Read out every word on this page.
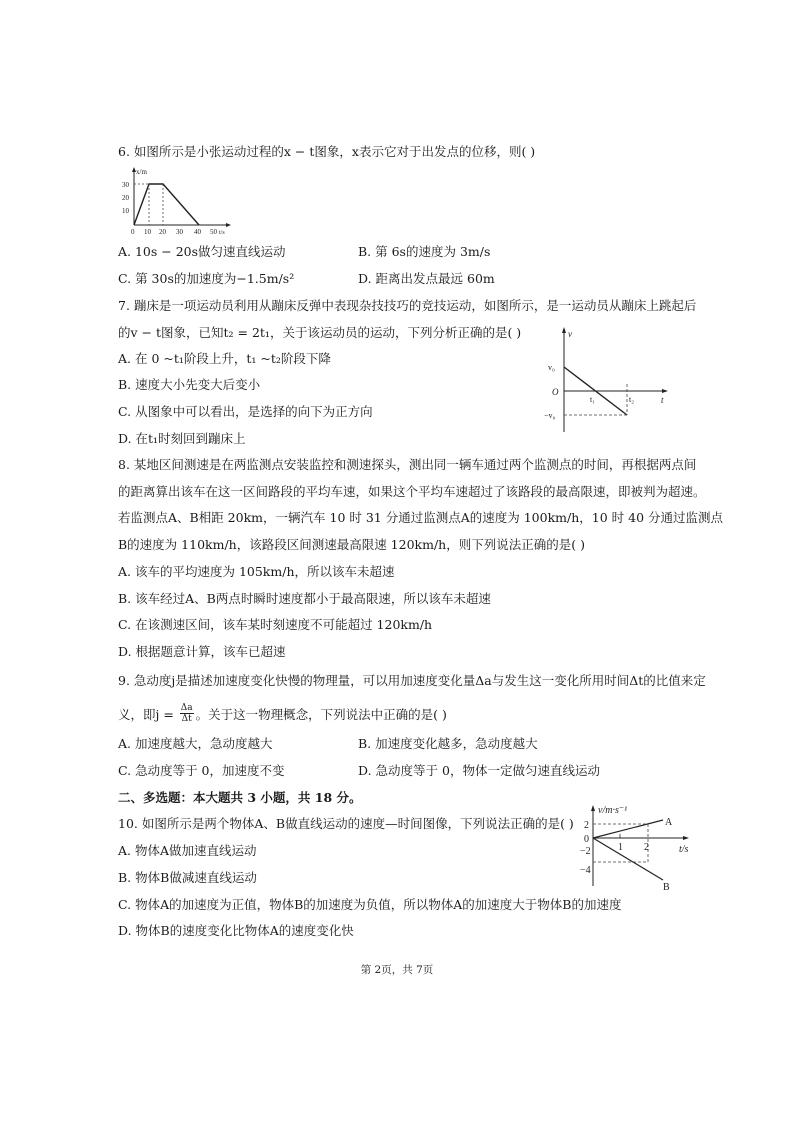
6. 如图所示是小张运动过程的x − t图象，x表示它对于出发点的位移，则( )
x/m
30
20
10
0 10 20 30 40 50 t/s
A. 10s − 20s做匀速直线运动	B. 第 6s的速度为 3m/s
C. 第 30s的加速度为−1.5m/s²	D. 距离出发点最远 60m
7. 蹦床是一项运动员利用从蹦床反弹中表现杂技技巧的竞技运动，如图所示，是一运动员从蹦床上跳起后
的v − t图象，已知t₂ = 2t₁，关于该运动员的运动，下列分析正确的是( )	v
v₀
O
t₁	t₂	t
−v₀
A. 在 0 ~t₁阶段上升，t₁ ~t₂阶段下降
B. 速度大小先变大后变小
C. 从图象中可以看出，是选择的向下为正方向
D. 在t₁时刻回到蹦床上
8. 某地区间测速是在两监测点安装监控和测速探头，测出同一辆车通过两个监测点的时间，再根据两点间
的距离算出该车在这一区间路段的平均车速，如果这个平均车速超过了该路段的最高限速，即被判为超速。
若监测点A、B相距 20km，一辆汽车 10 时 31 分通过监测点A的速度为 100km/h，10 时 40 分通过监测点
B的速度为 110km/h，该路段区间测速最高限速 120km/h，则下列说法正确的是( )
A. 该车的平均速度为 105km/h，所以该车未超速
B. 该车经过A、B两点时瞬时速度都小于最高限速，所以该车未超速
C. 在该测速区间，该车某时刻速度不可能超过 120km/h
D. 根据题意计算，该车已超速
9. 急动度j是描述加速度变化快慢的物理量，可以用加速度变化量Δa与发生这一变化所用时间Δt的比值来定
义，即$j = \frac{\Delta a}{\Delta t}$ 。关于这一物理概念，下列说法中正确的是( )
A. 加速度越大，急动度越大	B. 加速度变化越多，急动度越大
C. 急动度等于 0，加速度不变	D. 急动度等于 0，物体一定做匀速直线运动
二、多选题：本大题共 3 小题，共 18 分。
10. 如图所示是两个物体A、B做直线运动的速度—时间图像，下列说法正确的是( )
v/m·s⁻¹
2
0
−2
−4
1 2	t/s
A
B
A. 物体A做加速直线运动
B. 物体B做减速直线运动
C. 物体A的加速度为正值，物体B的加速度为负值，所以物体A的加速度大于物体B的加速度
D. 物体B的速度变化比物体A的速度变化快
第 2页，共 7页
